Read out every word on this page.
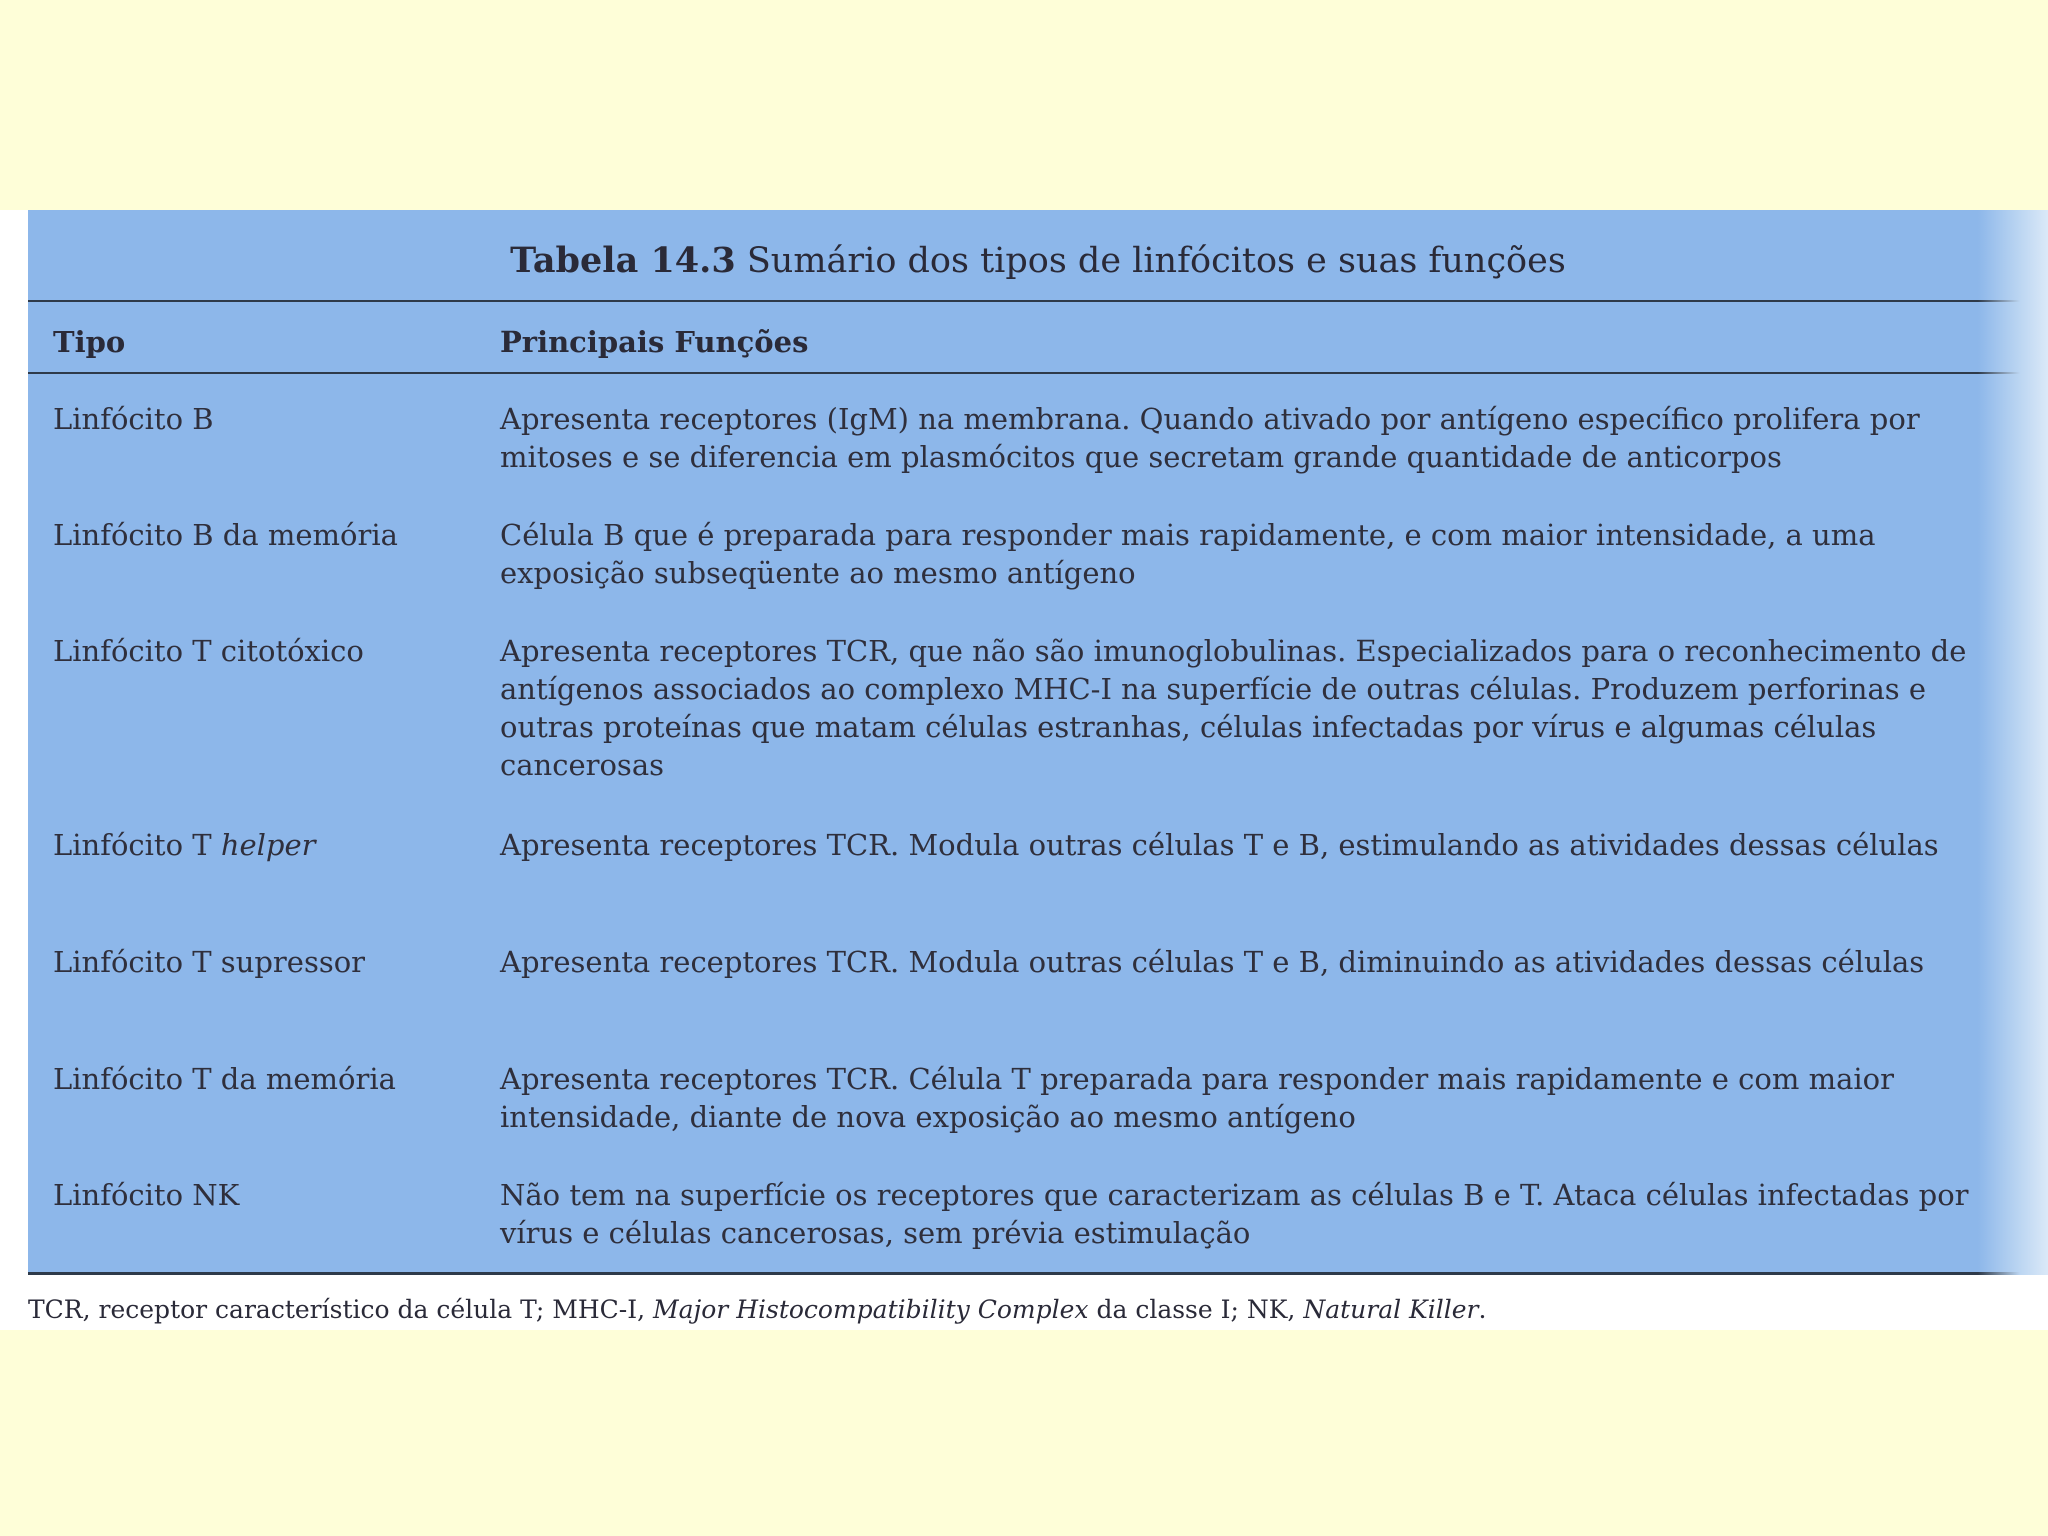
Tabela 14.3 Sumário dos tipos de linfócitos e suas funções
Tipo	Principais Funções
Linfócito B	Apresenta receptores (IgM) na membrana. Quando ativado por antígeno específico prolifera por mitoses e se diferencia em plasmócitos que secretam grande quantidade de anticorpos
Linfócito B da memória	Célula B que é preparada para responder mais rapidamente, e com maior intensidade, a uma exposição subseqüente ao mesmo antígeno
Linfócito T citotóxico	Apresenta receptores TCR, que não são imunoglobulinas. Especializados para o reconhecimento de antígenos associados ao complexo MHC-I na superfície de outras células. Produzem perforinas e outras proteínas que matam células estranhas, células infectadas por vírus e algumas células cancerosas
Linfócito T helper	Apresenta receptores TCR. Modula outras células T e B, estimulando as atividades dessas células
Linfócito T supressor	Apresenta receptores TCR. Modula outras células T e B, diminuindo as atividades dessas células
Linfócito T da memória	Apresenta receptores TCR. Célula T preparada para responder mais rapidamente e com maior intensidade, diante de nova exposição ao mesmo antígeno
Linfócito NK	Não tem na superfície os receptores que caracterizam as células B e T. Ataca células infectadas por vírus e células cancerosas, sem prévia estimulação
TCR, receptor característico da célula T; MHC-I, Major Histocompatibility Complex da classe I; NK, Natural Killer.
